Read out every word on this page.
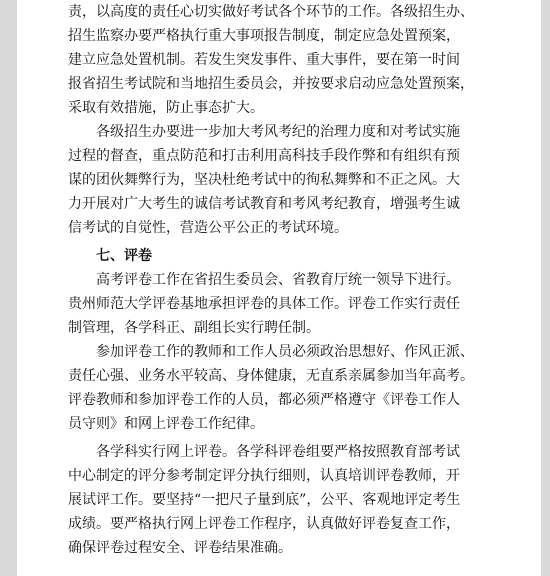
责，以高度的责任心切实做好考试各个环节的工作。各级招生办、
招生监察办要严格执行重大事项报告制度，制定应急处置预案，
建立应急处置机制。若发生突发事件、重大事件，要在第一时间
报省招生考试院和当地招生委员会，并按要求启动应急处置预案，
采取有效措施，防止事态扩大。
各级招生办要进一步加大考风考纪的治理力度和对考试实施
过程的督查，重点防范和打击利用高科技手段作弊和有组织有预
谋的团伙舞弊行为，坚决杜绝考试中的徇私舞弊和不正之风。大
力开展对广大考生的诚信考试教育和考风考纪教育，增强考生诚
信考试的自觉性，营造公平公正的考试环境。
七、评卷
高考评卷工作在省招生委员会、省教育厅统一领导下进行。
贵州师范大学评卷基地承担评卷的具体工作。评卷工作实行责任
制管理，各学科正、副组长实行聘任制。
参加评卷工作的教师和工作人员必须政治思想好、作风正派、
责任心强、业务水平较高、身体健康，无直系亲属参加当年高考。
评卷教师和参加评卷工作的人员，都必须严格遵守《评卷工作人
员守则》和网上评卷工作纪律。
各学科实行网上评卷。各学科评卷组要严格按照教育部考试
中心制定的评分参考制定评分执行细则，认真培训评卷教师，开
展试评工作。要坚持“一把尺子量到底”，公平、客观地评定考生
成绩。要严格执行网上评卷工作程序，认真做好评卷复查工作，
确保评卷过程安全、评卷结果准确。
